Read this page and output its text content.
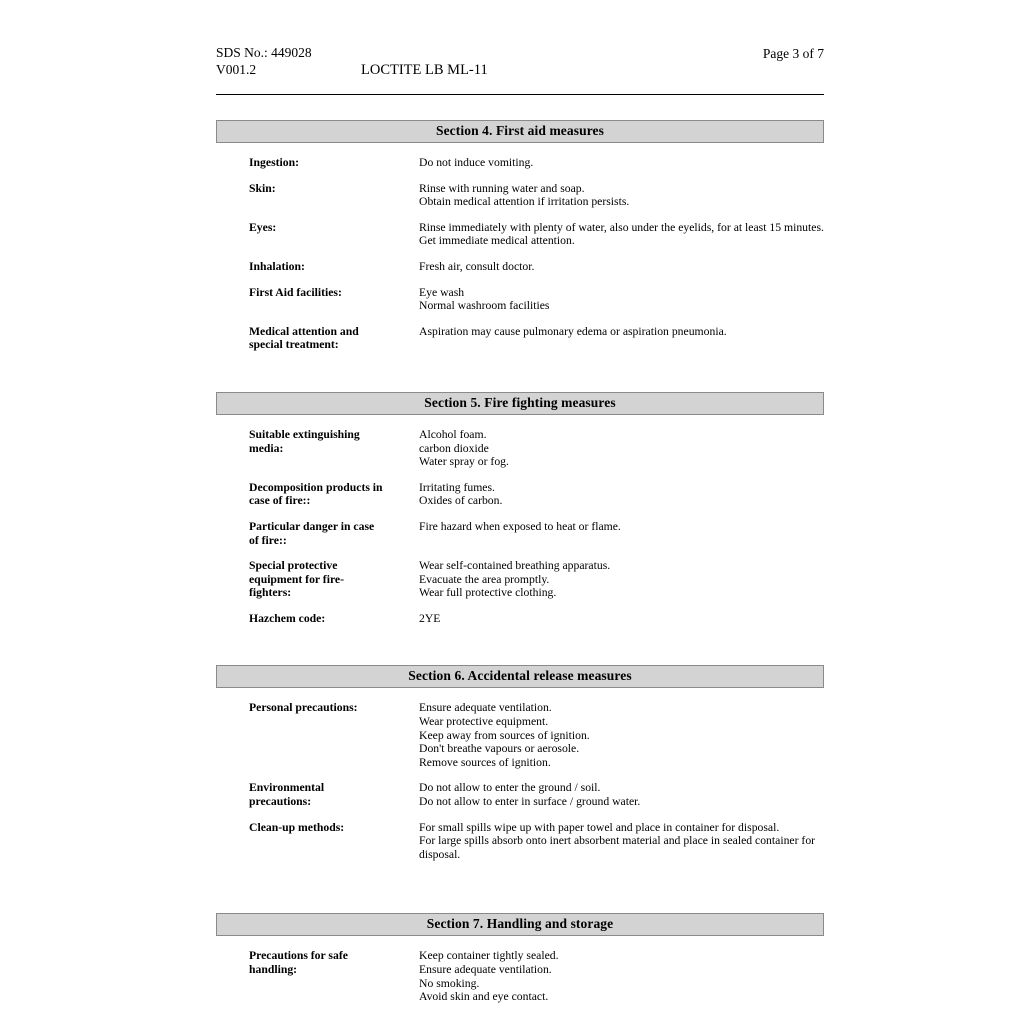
SDS No.: 449028
V001.2	LOCTITE LB ML-11
Page 3 of 7
Section 4. First aid measures
Ingestion:	Do not induce vomiting.
Skin:	Rinse with running water and soap.
Obtain medical attention if irritation persists.
Eyes:	Rinse immediately with plenty of water, also under the eyelids, for at least 15 minutes.
Get immediate medical attention.
Inhalation:	Fresh air, consult doctor.
First Aid facilities:	Eye wash
Normal washroom facilities
Medical attention and special treatment:
Aspiration may cause pulmonary edema or aspiration pneumonia.
Section 5. Fire fighting measures
Suitable extinguishing media:
Alcohol foam.
carbon dioxide
Water spray or fog.
Decomposition products in case of fire::
Irritating fumes.
Oxides of carbon.
Particular danger in case of fire::
Fire hazard when exposed to heat or flame.
Special protective equipment for fire-fighters:
Wear self-contained breathing apparatus.
Evacuate the area promptly.
Wear full protective clothing.
Hazchem code:	2YE
Section 6. Accidental release measures
Personal precautions:	Ensure adequate ventilation.
Wear protective equipment.
Keep away from sources of ignition.
Don't breathe vapours or aerosole.
Remove sources of ignition.
Environmental precautions:
Do not allow to enter the ground / soil.
Do not allow to enter in surface / ground water.
Clean-up methods:	For small spills wipe up with paper towel and place in container for disposal.
For large spills absorb onto inert absorbent material and place in sealed container for disposal.
Section 7. Handling and storage
Precautions for safe handling:
Keep container tightly sealed.
Ensure adequate ventilation.
No smoking.
Avoid skin and eye contact.
